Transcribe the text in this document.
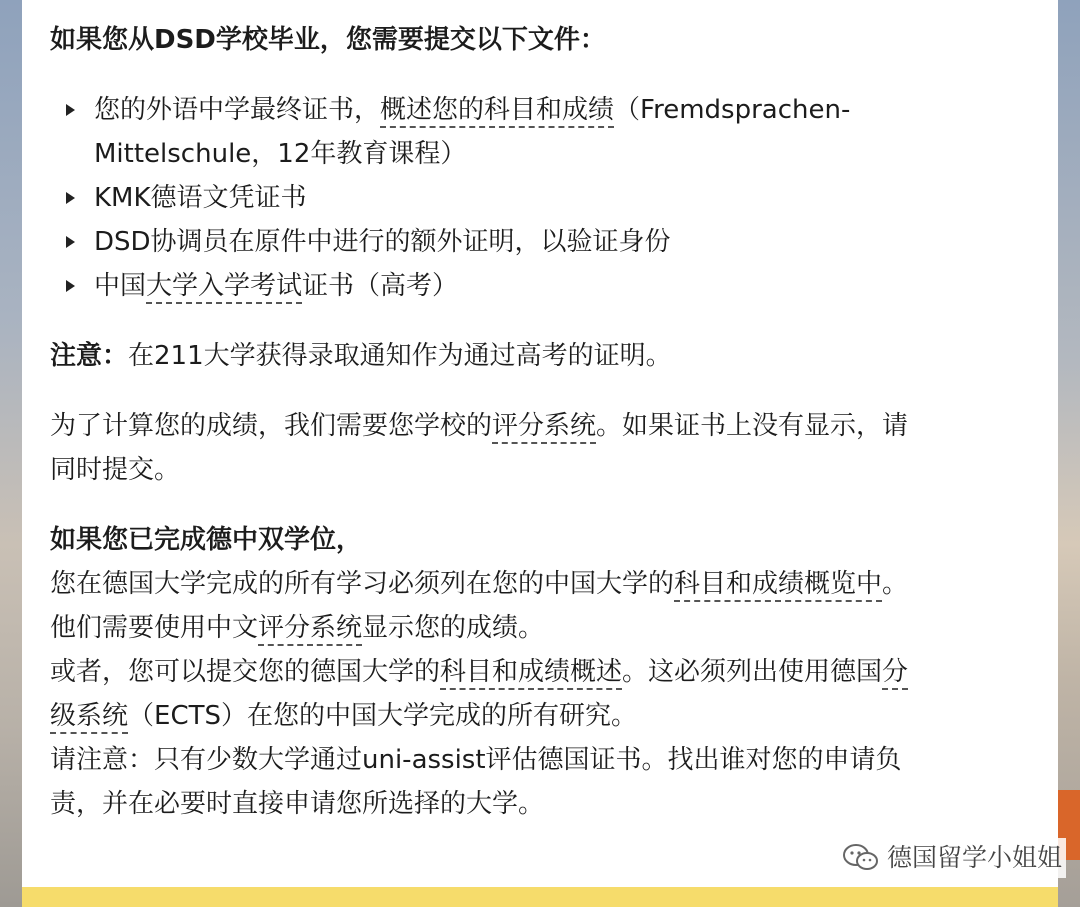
如果您从DSD学校毕业，您需要提交以下文件：
您的外语中学最终证书，概述您的科目和成绩（Fremdsprachen-
Mittelschule，12年教育课程）
KMK德语文凭证书
DSD协调员在原件中进行的额外证明，以验证身份
中国大学入学考试证书（高考）
注意：在211大学获得录取通知作为通过高考的证明。
为了计算您的成绩，我们需要您学校的评分系统。如果证书上没有显示，请
同时提交。
如果您已完成德中双学位，
您在德国大学完成的所有学习必须列在您的中国大学的科目和成绩概览中。
他们需要使用中文评分系统显示您的成绩。
或者，您可以提交您的德国大学的科目和成绩概述。这必须列出使用德国分
级系统（ECTS）在您的中国大学完成的所有研究。
请注意：只有少数大学通过uni-assist评估德国证书。找出谁对您的申请负
责，并在必要时直接申请您所选择的大学。
德国留学小姐姐
